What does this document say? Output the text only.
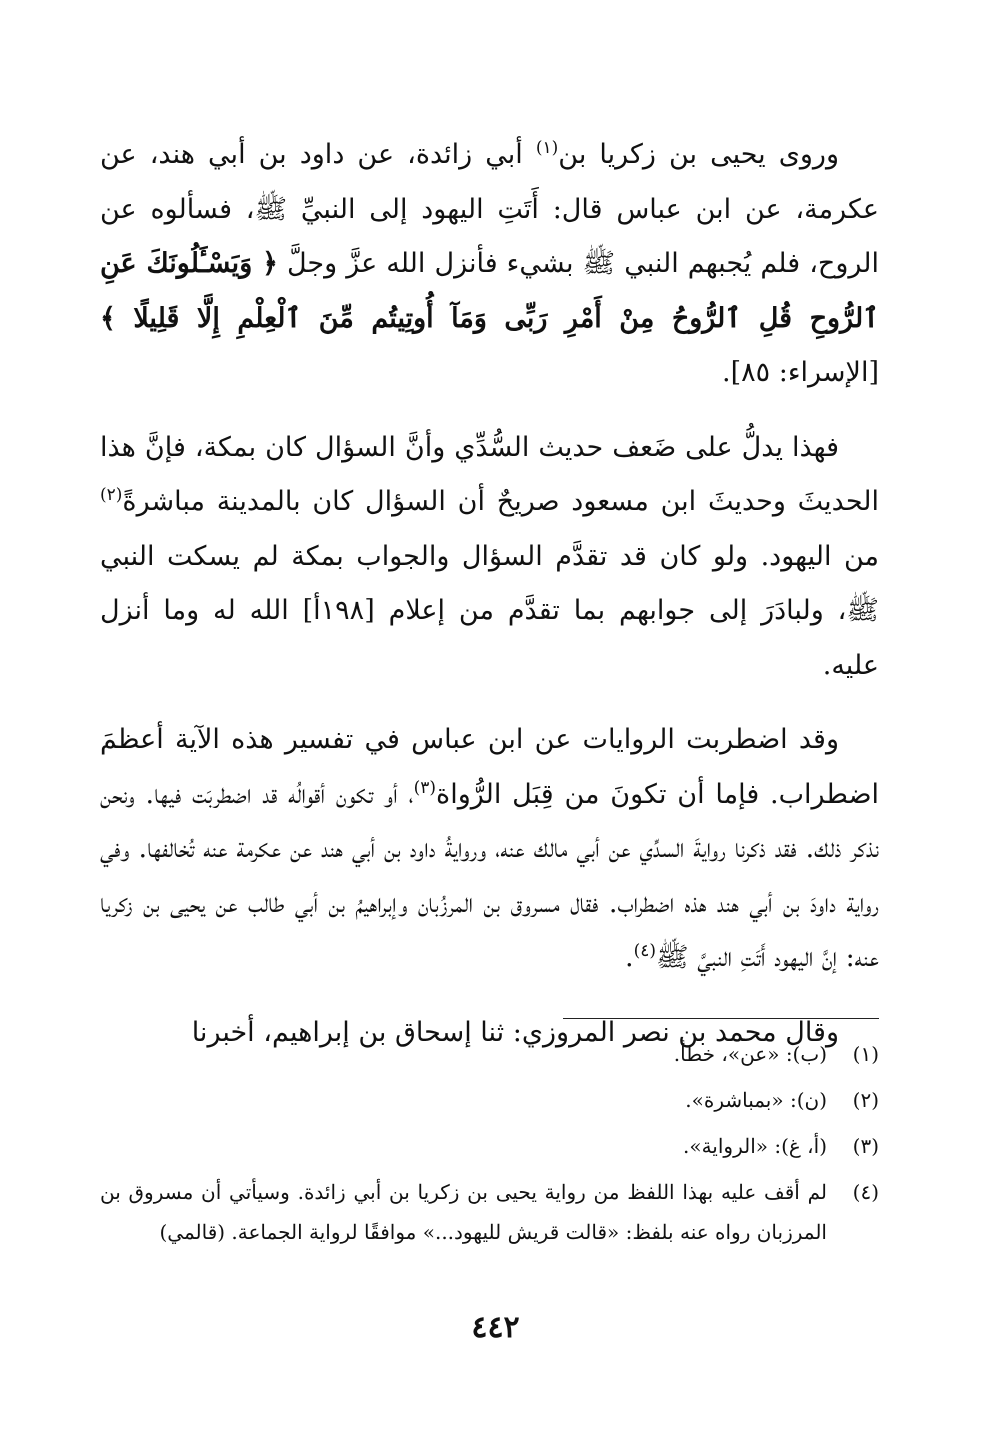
وروى يحيى بن زكريا بن$^{(١)}$ أبي زائدة، عن داود بن أبي هند، عن عكرمة، عن ابن عباس قال: أَتَتِ اليهود إلى النبيِّ ﷺ، فسألوه عن الروح، فلم يُجبهم النبي ﷺ بشيء فأنزل الله عزَّ وجلَّ ﴿ وَيَسْـَٔلُونَكَ عَنِ ٱلرُّوحِ قُلِ ٱلرُّوحُ مِنْ أَمْرِ رَبِّى وَمَآ أُوتِيتُم مِّنَ ٱلْعِلْمِ إِلَّا قَلِيلًا ﴾ [الإسراء: ٨٥].

فهذا يدلُّ على ضَعف حديث السُّدِّي وأنَّ السؤال كان بمكة، فإنَّ هذا الحديثَ وحديثَ ابن مسعود صريحٌ أن السؤال كان بالمدينة مباشرةً$^{(٢)}$ من اليهود. ولو كان قد تقدَّم السؤال والجواب بمكة لم يسكت النبي ﷺ، ولبادَرَ إلى جوابهم بما تقدَّم من إعلام [١٩٨أ] الله له وما أنزل عليه.

وقد اضطربت الروايات عن ابن عباس في تفسير هذه الآية أعظمَ اضطراب. فإما أن تكونَ من قِبَل الرُّواة$^{(٣)}$، أو تكون أقوالُه قد اضطربَت فيها. ونحن نذكر ذلك. فقد ذكرنا روايةَ السدِّي عن أبي مالك عنه، وروايةُ داود بن أبي هند عن عكرمة عنه تُخالفها. وفي رواية داودَ بن أبي هند هذه اضطراب. فقال مسروق بن المرزُبان وإبراهيمُ بن أبي طالب عن يحيى بن زكريا عنه: إنَّ اليهود أَتَتِ النبيَّ ﷺ$^{(٤)}$.

وقال محمد بن نصر المروزي: ثنا إسحاق بن إبراهيم، أخبرنا

(١)
(ب): «عن»، خطأ.
(٢)
(ن): «بمباشرة».
(٣)
(أ، غ): «الرواية».
(٤)
لم أقف عليه بهذا اللفظ من رواية يحيى بن زكريا بن أبي زائدة. وسيأتي أن مسروق بن المرزبان رواه عنه بلفظ: «قالت قريش لليهود...» موافقًا لرواية الجماعة. (قالمي)
٤٤٢
